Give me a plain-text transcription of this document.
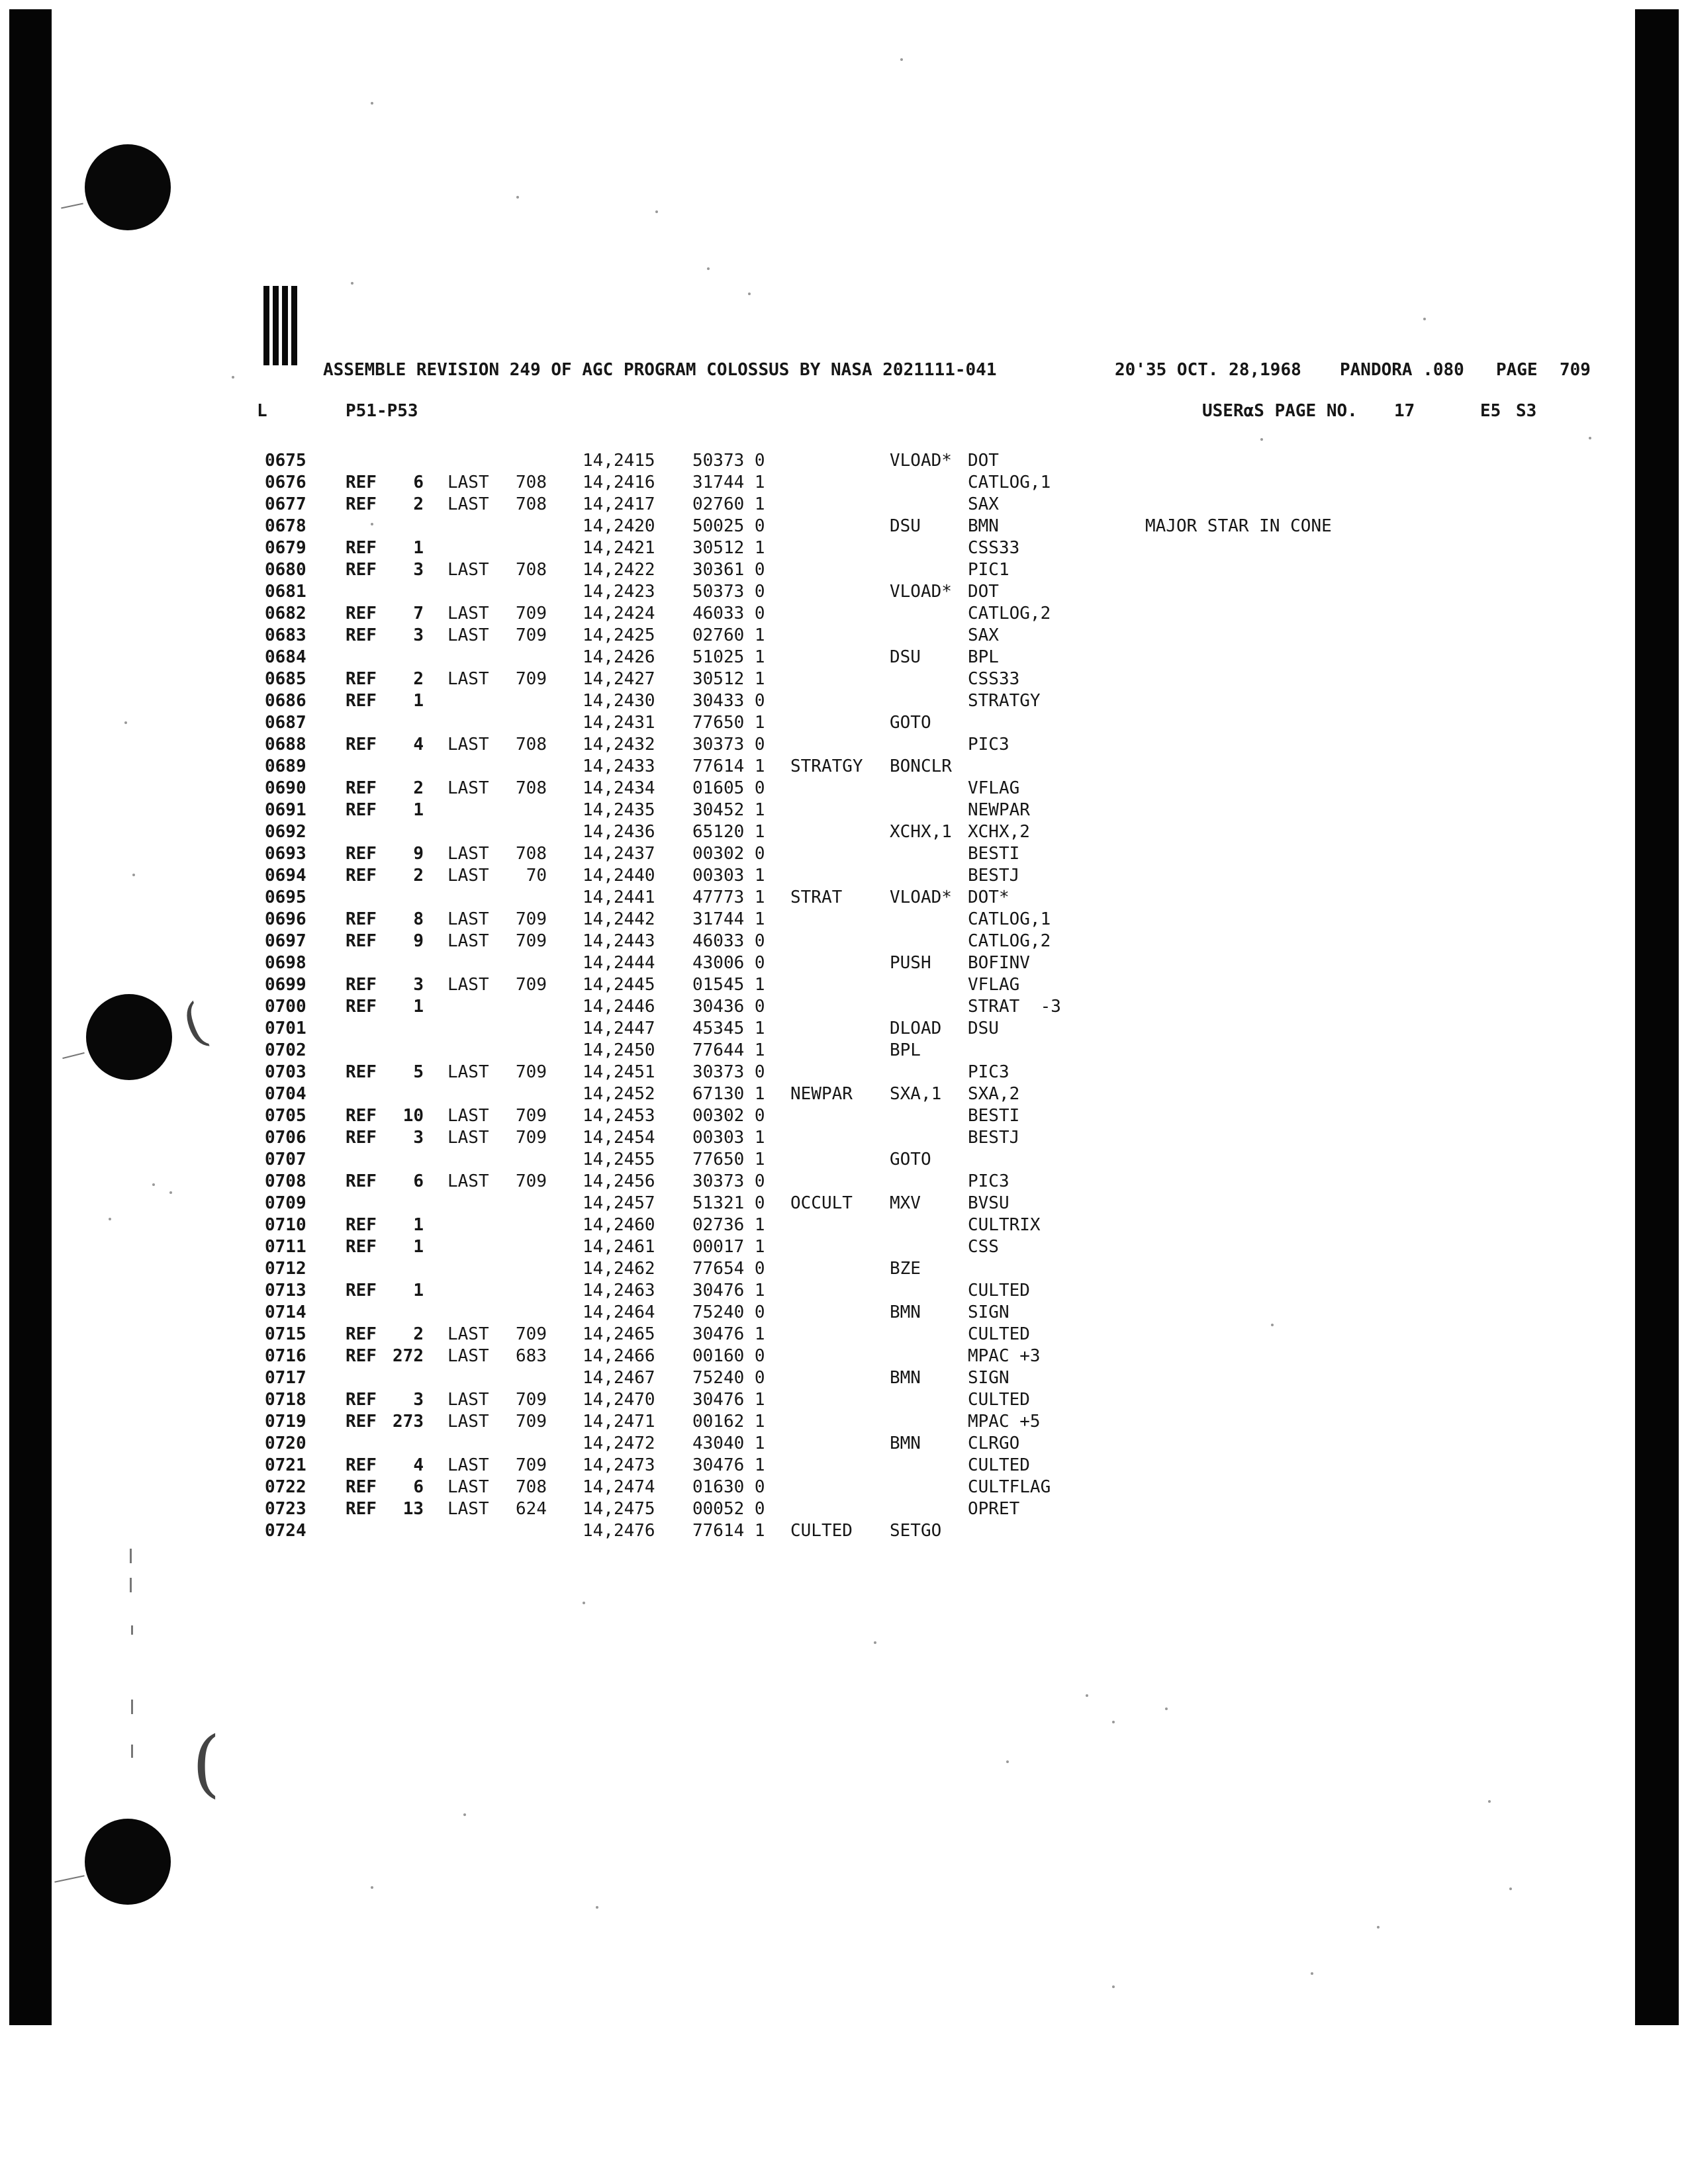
(
(
ASSEMBLE REVISION 249 OF AGC PROGRAM COLOSSUS BY NASA 2021111-041	20'35 OCT. 28,1968 PANDORA .080 PAGE 709
L	P51-P53	USERαS PAGE NO. 17	E5 S3
0675	14,2415 50373 0	VLOAD* DOT
0676 REF	6 LAST 708 14,2416 31744 1	CATLOG,1
0677 REF	2 LAST 708 14,2417 02760 1	SAX
0678	14,2420 50025 0	DSU	BMN	MAJOR STAR IN CONE
0679 REF	1	14,2421 30512 1	CSS33
0680 REF	3 LAST 708 14,2422 30361 0	PIC1
0681	14,2423 50373 0	VLOAD* DOT
0682 REF	7 LAST 709 14,2424 46033 0	CATLOG,2
0683 REF	3 LAST 709 14,2425 02760 1	SAX
0684	14,2426 51025 1	DSU	BPL
0685 REF	2 LAST 709 14,2427 30512 1	CSS33
0686 REF	1	14,2430 30433 0	STRATGY
0687	14,2431 77650 1	GOTO
0688 REF	4 LAST 708 14,2432 30373 0	PIC3
0689	14,2433 77614 1 STRATGY BONCLR
0690 REF	2 LAST 708 14,2434 01605 0	VFLAG
0691 REF	1	14,2435 30452 1	NEWPAR
0692	14,2436 65120 1	XCHX,1 XCHX,2
0693 REF	9 LAST 708 14,2437 00302 0	BESTI
0694 REF	2 LAST	70 14,2440 00303 1	BESTJ
0695	14,2441 47773 1 STRAT	VLOAD* DOT*
0696 REF	8 LAST 709 14,2442 31744 1	CATLOG,1
0697 REF	9 LAST 709 14,2443 46033 0	CATLOG,2
0698	14,2444 43006 0	PUSH BOFINV
0699 REF	3 LAST 709 14,2445 01545 1	VFLAG
0700 REF	1	14,2446 30436 0	STRAT  -3
0701	14,2447 45345 1	DLOAD DSU
0702	14,2450 77644 1	BPL
0703 REF	5 LAST 709 14,2451 30373 0	PIC3
0704	14,2452 67130 1 NEWPAR SXA,1 SXA,2
0705 REF	10 LAST 709 14,2453 00302 0	BESTI
0706 REF	3 LAST 709 14,2454 00303 1	BESTJ
0707	14,2455 77650 1	GOTO
0708 REF	6 LAST 709 14,2456 30373 0	PIC3
0709	14,2457 51321 0 OCCULT MXV	BVSU
0710 REF	1	14,2460 02736 1	CULTRIX
0711 REF	1	14,2461 00017 1	CSS
0712	14,2462 77654 0	BZE
0713 REF	1	14,2463 30476 1	CULTED
0714	14,2464 75240 0	BMN	SIGN
0715 REF	2 LAST 709 14,2465 30476 1	CULTED
0716 REF 272 LAST 683 14,2466 00160 0	MPAC +3
0717	14,2467 75240 0	BMN	SIGN
0718 REF	3 LAST 709 14,2470 30476 1	CULTED
0719 REF 273 LAST 709 14,2471 00162 1	MPAC +5
0720	14,2472 43040 1	BMN	CLRGO
0721 REF	4 LAST 709 14,2473 30476 1	CULTED
0722 REF	6 LAST 708 14,2474 01630 0	CULTFLAG
0723 REF	13 LAST 624 14,2475 00052 0	OPRET
0724	14,2476 77614 1 CULTED SETGO
